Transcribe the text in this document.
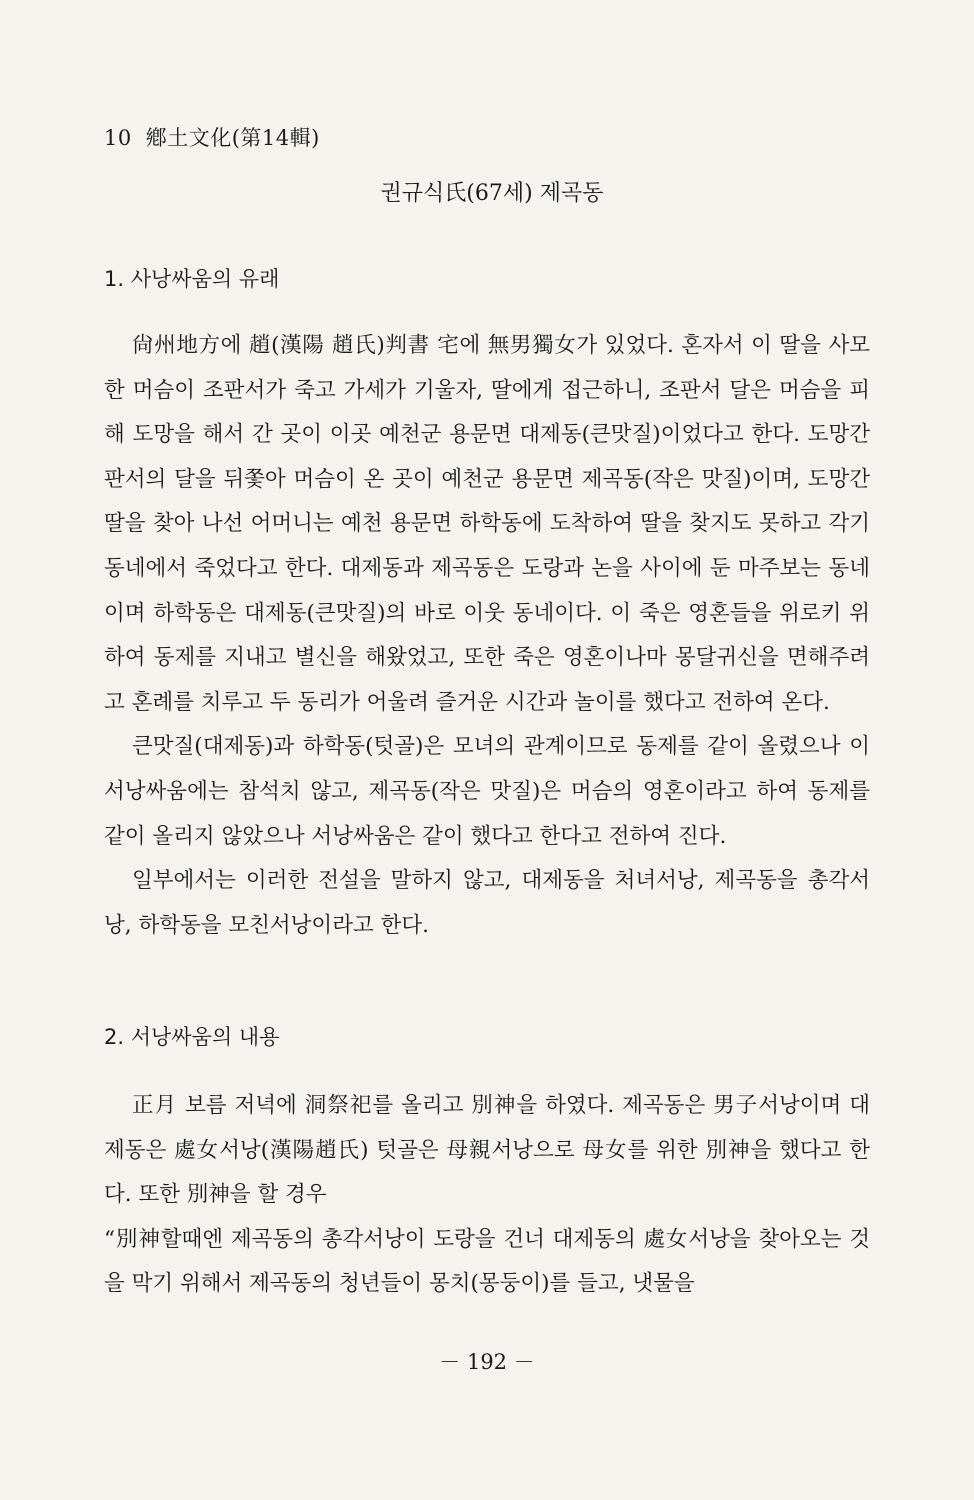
10 鄕土文化(第14輯)
권규식氏(67세) 제곡동
1. 사낭싸움의 유래

尙州地方에 趙(漢陽 趙氏)判書 宅에 無男獨女가 있었다. 혼자서 이 딸을 사모한 머슴이 조판서가 죽고 가세가 기울자, 딸에게 접근하니, 조판서 달은 머슴을 피해 도망을 해서 간 곳이 이곳 예천군 용문면 대제동(큰맛질)이었다고 한다. 도망간 판서의 달을 뒤쫓아 머슴이 온 곳이 예천군 용문면 제곡동(작은 맛질)이며, 도망간 딸을 찾아 나선 어머니는 예천 용문면 하학동에 도착하여 딸을 찾지도 못하고 각기 동네에서 죽었다고 한다. 대제동과 제곡동은 도랑과 논을 사이에 둔 마주보는 동네이며 하학동은 대제동(큰맛질)의 바로 이웃 동네이다. 이 죽은 영혼들을 위로키 위하여 동제를 지내고 별신을 해왔었고, 또한 죽은 영혼이나마 몽달귀신을 면해주려고 혼례를 치루고 두 동리가 어울려 즐거운 시간과 놀이를 했다고 전하여 온다.

큰맛질(대제동)과 하학동(텃골)은 모녀의 관계이므로 동제를 같이 올렸으나 이 서낭싸움에는 참석치 않고, 제곡동(작은 맛질)은 머슴의 영혼이라고 하여 동제를 같이 올리지 않았으나 서낭싸움은 같이 했다고 한다고 전하여 진다.

일부에서는 이러한 전설을 말하지 않고, 대제동을 처녀서낭, 제곡동을 총각서낭, 하학동을 모친서낭이라고 한다.

2. 서낭싸움의 내용

正月 보름 저녁에 洞祭祀를 올리고 別神을 하였다. 제곡동은 男子서낭이며 대제동은 處女서낭(漢陽趙氏) 텃골은 母親서낭으로 母女를 위한 別神을 했다고 한다. 또한 別神을 할 경우

“別神할때엔 제곡동의 총각서낭이 도랑을 건너 대제동의 處女서낭을 찾아오는 것을 막기 위해서 제곡동의 청년들이 몽치(몽둥이)를 들고, 냇물을

－ 192 －
